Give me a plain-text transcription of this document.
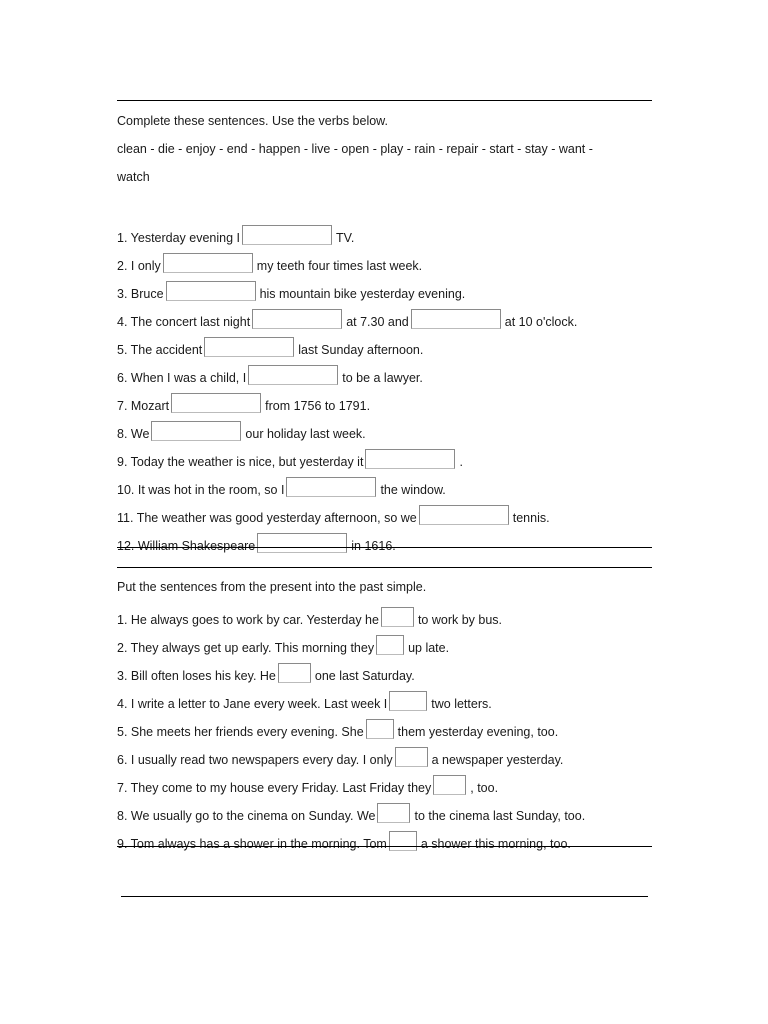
Complete these sentences. Use the verbs below.
clean - die - enjoy - end - happen - live - open - play - rain - repair - start - stay - want -
watch
1. Yesterday evening I	TV.
2. I only	my teeth four times last week.
3. Bruce	his mountain bike yesterday evening.
4. The concert last night	at 7.30 and	at 10 o'clock.
5. The accident	last Sunday afternoon.
6. When I was a child, I	to be a lawyer.
7. Mozart	from 1756 to 1791.
8. We	our holiday last week.
9. Today the weather is nice, but yesterday it	.
10. It was hot in the room, so I	the window.
11. The weather was good yesterday afternoon, so we	tennis.
12. William Shakespeare	in 1616.
Put the sentences from the present into the past simple.
1. He always goes to work by car. Yesterday he	to work by bus.
2. They always get up early. This morning they	up late.
3. Bill often loses his key. He	one last Saturday.
4. I write a letter to Jane every week. Last week I	two letters.
5. She meets her friends every evening. She	them yesterday evening, too.
6. I usually read two newspapers every day. I only	a newspaper yesterday.
7. They come to my house every Friday. Last Friday they	, too.
8. We usually go to the cinema on Sunday. We	to the cinema last Sunday, too.
9. Tom always has a shower in the morning. Tom	a shower this morning, too.
